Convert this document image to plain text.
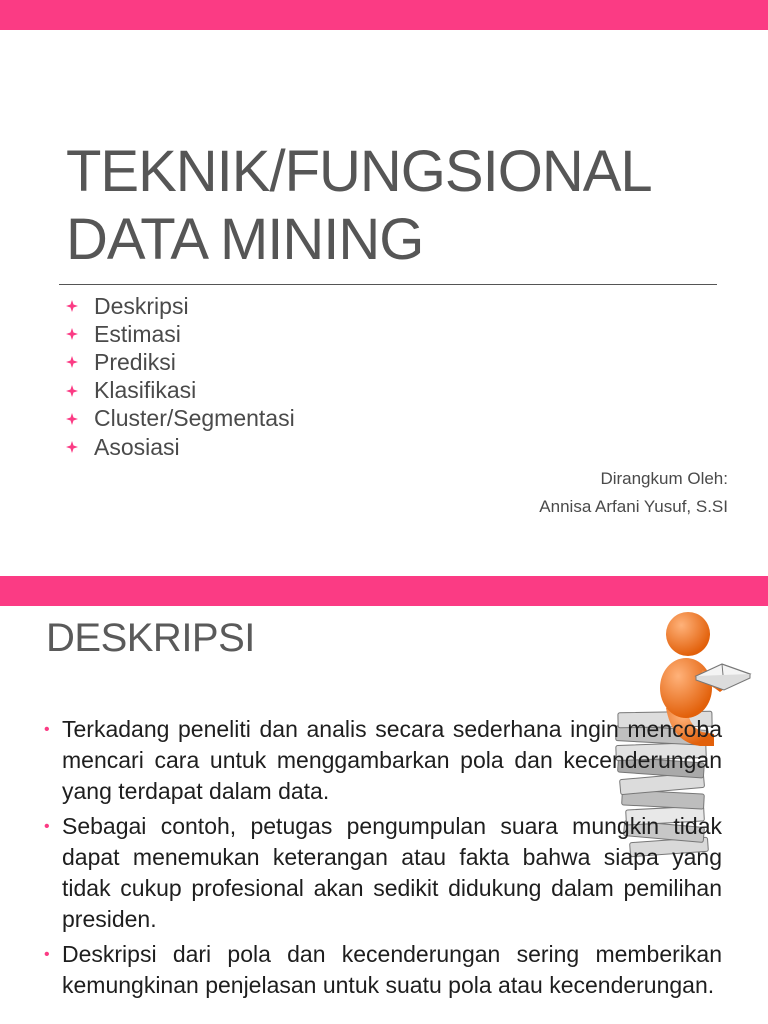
TEKNIK/FUNGSIONAL
DATA MINING
Deskripsi
Estimasi
Prediksi
Klasifikasi
Cluster/Segmentasi
Asosiasi
Dirangkum Oleh:
Annisa Arfani Yusuf, S.SI
DESKRIPSI
• Terkadang peneliti dan analis secara sederhana ingin mencoba mencari cara untuk menggambarkan pola dan kecenderungan yang terdapat dalam data.
• Sebagai contoh, petugas pengumpulan suara mungkin tidak dapat menemukan keterangan atau fakta bahwa siapa yang tidak cukup profesional akan sedikit didukung dalam pemilihan presiden.
• Deskripsi dari pola dan kecenderungan sering memberikan kemungkinan penjelasan untuk suatu pola atau kecenderungan.
